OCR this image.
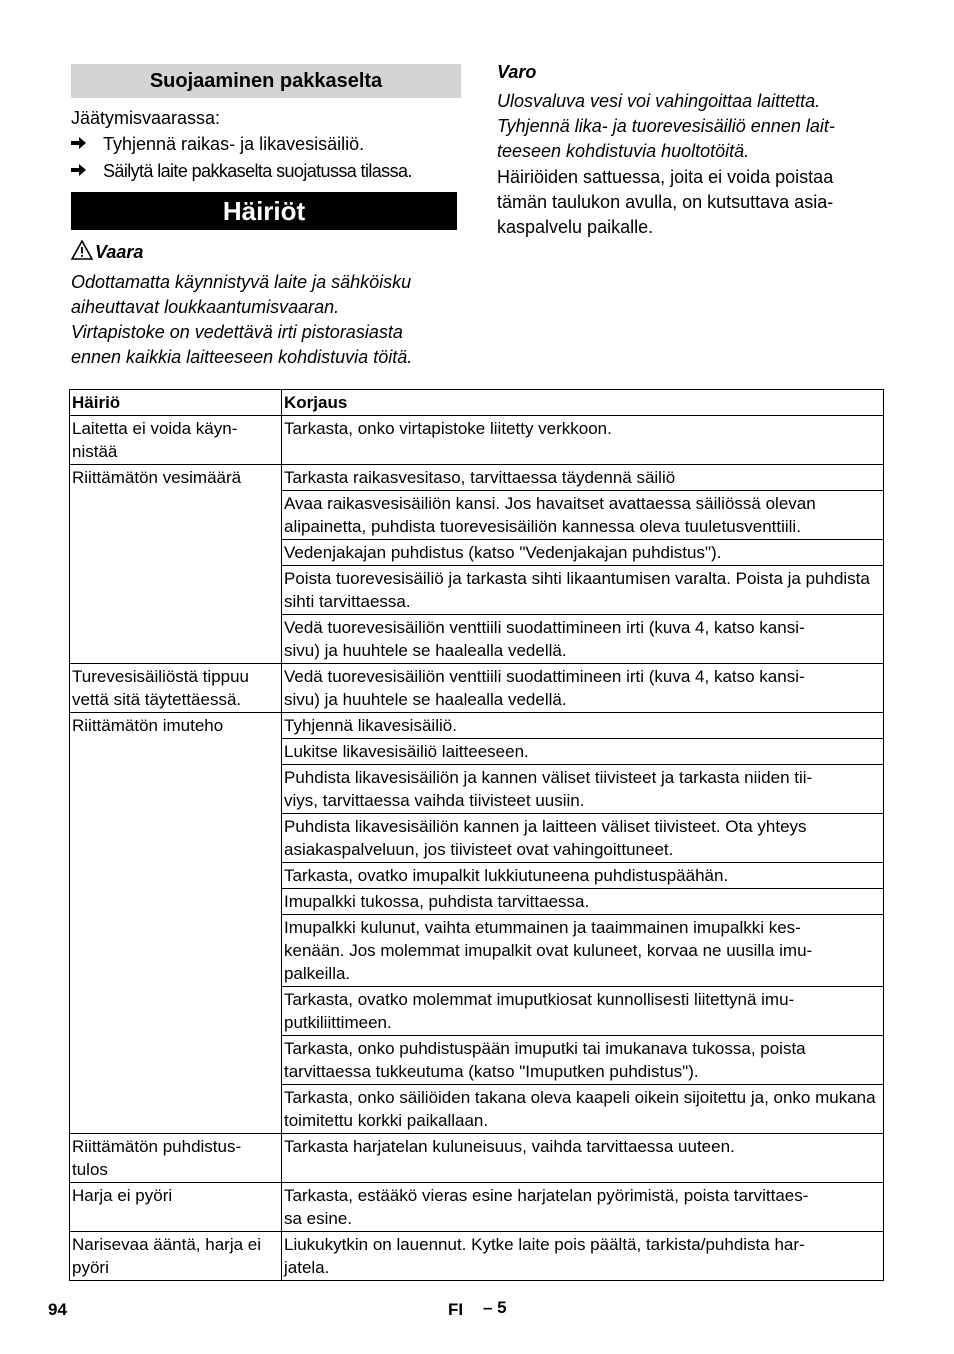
Suojaaminen pakkaselta
Jäätymisvaarassa:
Tyhjennä raikas- ja likavesisäiliö.
Säilytä laite pakkaselta suojatussa tilassa.
Häiriöt
Vaara
Odottamatta käynnistyvä laite ja sähköisku
aiheuttavat loukkaantumisvaaran.
Virtapistoke on vedettävä irti pistorasiasta
ennen kaikkia laitteeseen kohdistuvia töitä.
Varo
Ulosvaluva vesi voi vahingoittaa laittetta.
Tyhjennä lika- ja tuorevesisäiliö ennen lait-
teeseen kohdistuvia huoltotöitä.
Häiriöiden sattuessa, joita ei voida poistaa
tämän taulukon avulla, on kutsuttava asia-
kaspalvelu paikalle.
Häiriö	Korjaus
Laitetta ei voida käyn-
nistää	Tarkasta, onko virtapistoke liitetty verkkoon.
Riittämätön vesimäärä	Tarkasta raikasvesitaso, tarvittaessa täydennä säiliö
	Avaa raikasvesisäiliön kansi. Jos havaitset avattaessa säiliössä olevan alipainetta, puhdista tuorevesisäiliön kannessa oleva tuuletusventtiili.
	Vedenjakajan puhdistus (katso "Vedenjakajan puhdistus").
	Poista tuorevesisäiliö ja tarkasta sihti likaantumisen varalta. Poista ja puhdista sihti tarvittaessa.
	Vedä tuorevesisäiliön venttiili suodattimineen irti (kuva 4, katso kansi-
sivu) ja huuhtele se haalealla vedellä.
Turevesisäiliöstä tippuu vettä sitä täytettäessä.	Vedä tuorevesisäiliön venttiili suodattimineen irti (kuva 4, katso kansi-
sivu) ja huuhtele se haalealla vedellä.
Riittämätön imuteho	Tyhjennä likavesisäiliö.
	Lukitse likavesisäiliö laitteeseen.
	Puhdista likavesisäiliön ja kannen väliset tiivisteet ja tarkasta niiden tii-
viys, tarvittaessa vaihda tiivisteet uusiin.
	Puhdista likavesisäiliön kannen ja laitteen väliset tiivisteet. Ota yhteys asiakaspalveluun, jos tiivisteet ovat vahingoittuneet.
	Tarkasta, ovatko imupalkit lukkiutuneena puhdistuspäähän.
	Imupalkki tukossa, puhdista tarvittaessa.
	Imupalkki kulunut, vaihta etummainen ja taaimmainen imupalkki kes-
kenään. Jos molemmat imupalkit ovat kuluneet, korvaa ne uusilla imu-
palkeilla.
	Tarkasta, ovatko molemmat imuputkiosat kunnollisesti liitettynä imu-
putkiliittimeen.
	Tarkasta, onko puhdistuspään imuputki tai imukanava tukossa, poista tarvittaessa tukkeutuma (katso "Imuputken puhdistus").
	Tarkasta, onko säiliöiden takana oleva kaapeli oikein sijoitettu ja, onko mukana toimitettu korkki paikallaan.
Riittämätön puhdistus-
tulos	Tarkasta harjatelan kuluneisuus, vaihda tarvittaessa uuteen.
Harja ei pyöri	Tarkasta, estääkö vieras esine harjatelan pyörimistä, poista tarvittaes-
sa esine.
Narisevaa ääntä, harja ei pyöri	Liukukytkin on lauennut. Kytke laite pois päältä, tarkista/puhdista har-
jatela.
94	FI – 5
